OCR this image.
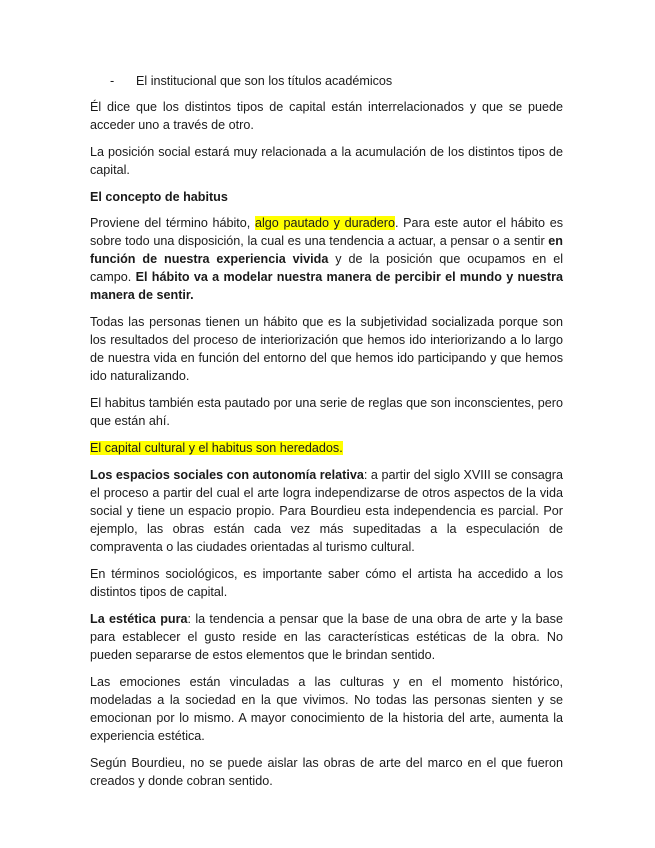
-	El institucional que son los títulos académicos

Él dice que los distintos tipos de capital están interrelacionados y que se puede acceder uno a través de otro.

La posición social estará muy relacionada a la acumulación de los distintos tipos de capital.

El concepto de habitus

Proviene del término hábito, algo pautado y duradero. Para este autor el hábito es sobre todo una disposición, la cual es una tendencia a actuar, a pensar o a sentir en función de nuestra experiencia vivida y de la posición que ocupamos en el campo. El hábito va a modelar nuestra manera de percibir el mundo y nuestra manera de sentir.

Todas las personas tienen un hábito que es la subjetividad socializada porque son los resultados del proceso de interiorización que hemos ido interiorizando a lo largo de nuestra vida en función del entorno del que hemos ido participando y que hemos ido naturalizando.

El habitus también esta pautado por una serie de reglas que son inconscientes, pero que están ahí.

El capital cultural y el habitus son heredados.

Los espacios sociales con autonomía relativa: a partir del siglo XVIII se consagra el proceso a partir del cual el arte logra independizarse de otros aspectos de la vida social y tiene un espacio propio. Para Bourdieu esta independencia es parcial. Por ejemplo, las obras están cada vez más supeditadas a la especulación de compraventa o las ciudades orientadas al turismo cultural.

En términos sociológicos, es importante saber cómo el artista ha accedido a los distintos tipos de capital.

La estética pura: la tendencia a pensar que la base de una obra de arte y la base para establecer el gusto reside en las características estéticas de la obra. No pueden separarse de estos elementos que le brindan sentido.

Las emociones están vinculadas a las culturas y en el momento histórico, modeladas a la sociedad en la que vivimos. No todas las personas sienten y se emocionan por lo mismo. A mayor conocimiento de la historia del arte, aumenta la experiencia estética.

Según Bourdieu, no se puede aislar las obras de arte del marco en el que fueron creados y donde cobran sentido.
